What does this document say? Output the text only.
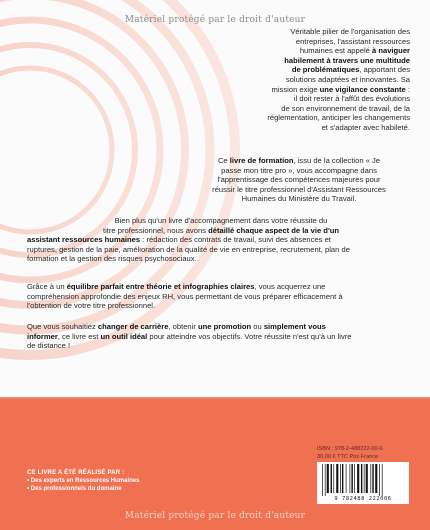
Matériel protégé par le droit d'auteur
Véritable pilier de l'organisation des
entreprises, l'assistant ressources
humaines est appelé à naviguer
habilement à travers une multitude
de problématiques, apportant des
solutions adaptées et innovantes. Sa
mission exige une vigilance constante :
il doit rester à l'affût des évolutions
de son environnement de travail, de la
réglementation, anticiper les changements
et s'adapter avec habileté.
Ce livre de formation, issu de la collection « Je
passe mon titre pro », vous accompagne dans
l'apprentissage des compétences majeures pour
réussir le titre professionnel d'Assistant Ressources
Humaines du Ministère du Travail.
Bien plus qu'un livre d'accompagnement dans votre réussite du
titre professionnel, nous avons détaillé chaque aspect de la vie d'un
assistant ressources humaines : rédaction des contrats de travail, suivi des absences et
ruptures, gestion de la paie, amélioration de la qualité de vie en entreprise, recrutement, plan de
formation et la gestion des risques psychosociaux.
Grâce à un équilibre parfait entre théorie et infographies claires, vous acquerrez une
compréhension approfondie des enjeux RH, vous permettant de vous préparer efficacement à
l'obtention de votre titre professionnel.
Que vous souhaitiez changer de carrière, obtenir une promotion ou simplement vous
informer, ce livre est un outil idéal pour atteindre vos objectifs. Votre réussite n'est qu'à un livre
de distance !
ISBN : 978-2-488222-00-6
30,00 € TTC Prix France
9 782488 222006
CE LIVRE A ÉTÉ RÉALISÉ PAR :
• Des experts en Ressources Humaines
• Des professionnels du domaine
Matériel protégé par le droit d'auteur
